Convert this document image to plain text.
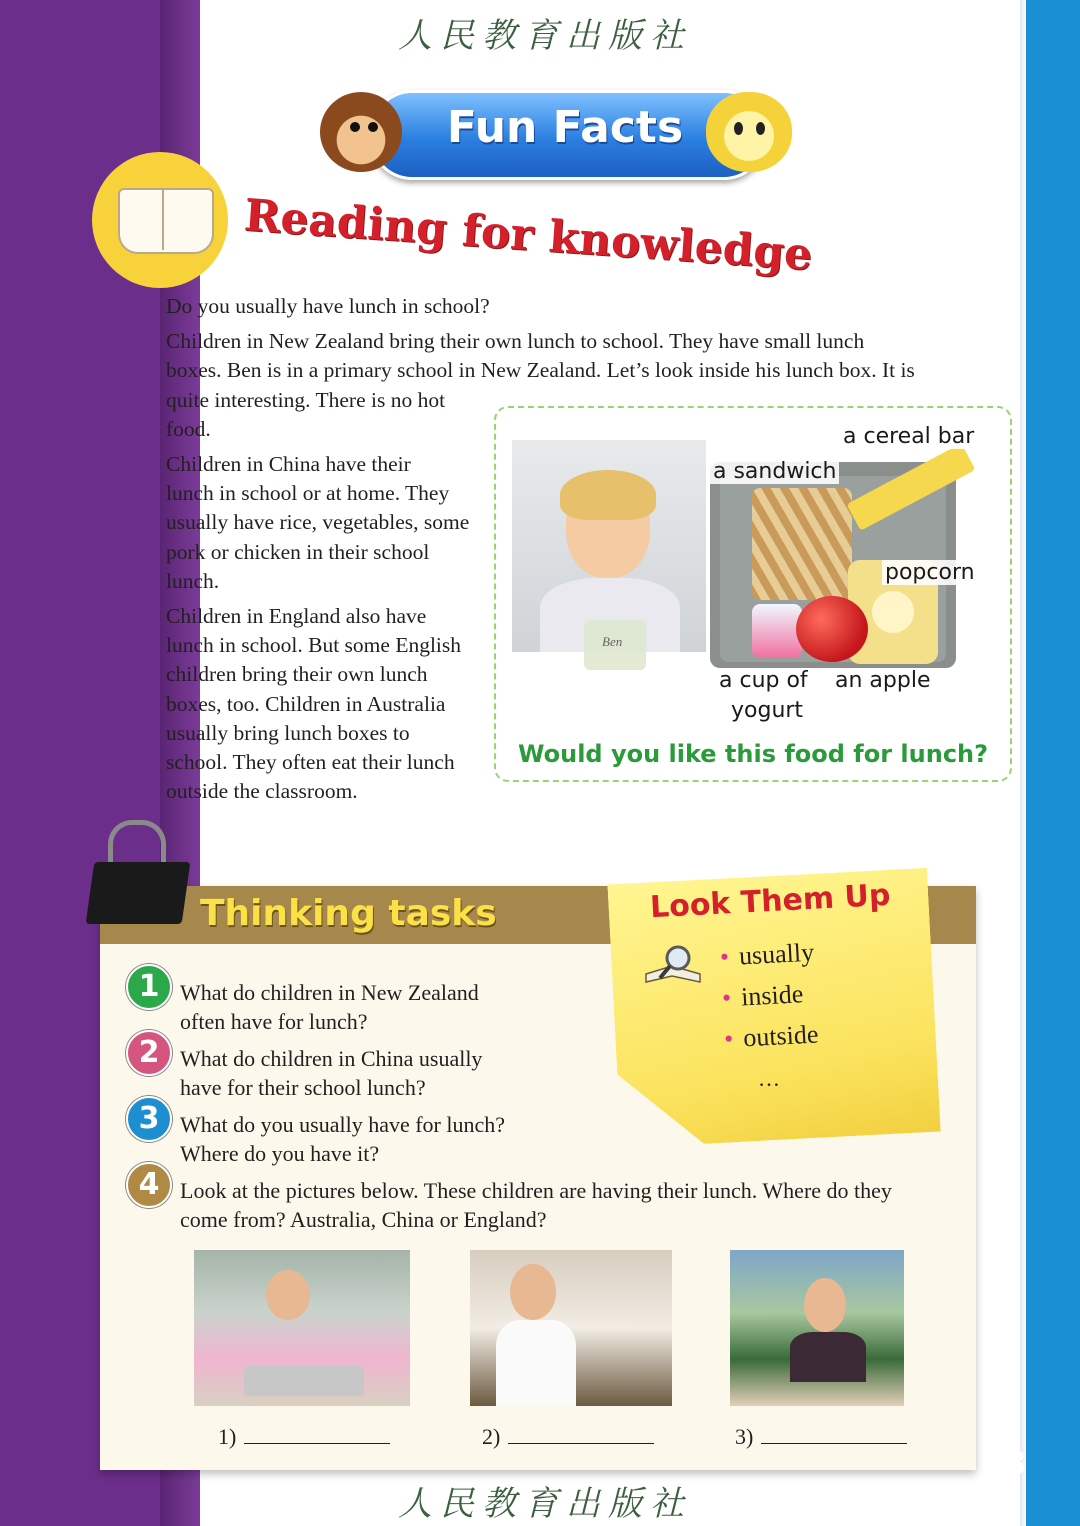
人民教育出版社
Fun Facts
Reading for knowledge

Do you usually have lunch in school?

Children in New Zealand bring their own lunch to school. They have small lunch
boxes. Ben is in a primary school in New Zealand. Let’s look inside his lunch box. It is
quite interesting. There is no hot
food.

Children in China have their
lunch in school or at home. They
usually have rice, vegetables, some
pork or chicken in their school
lunch.

Children in England also have
lunch in school. But some English
children bring their own lunch
boxes, too. Children in Australia
usually bring lunch boxes to
school. They often eat their lunch
outside the classroom.

Ben
a cereal bar
a sandwich
popcorn
a cup of
yogurt
an apple
Would you like this food for lunch?
Thinking tasks	Look Them Up
• usually
• inside
• outside
…
1 What do children in New Zealand
often have for lunch?
2 What do children in China usually
have for their school lunch?
3 What do you usually have for lunch?
Where do you have it?
4 Look at the pictures below. These children are having their lunch. Where do they
come from? Australia, China or England?
1)	2)	3)
人民教育出版社
13
